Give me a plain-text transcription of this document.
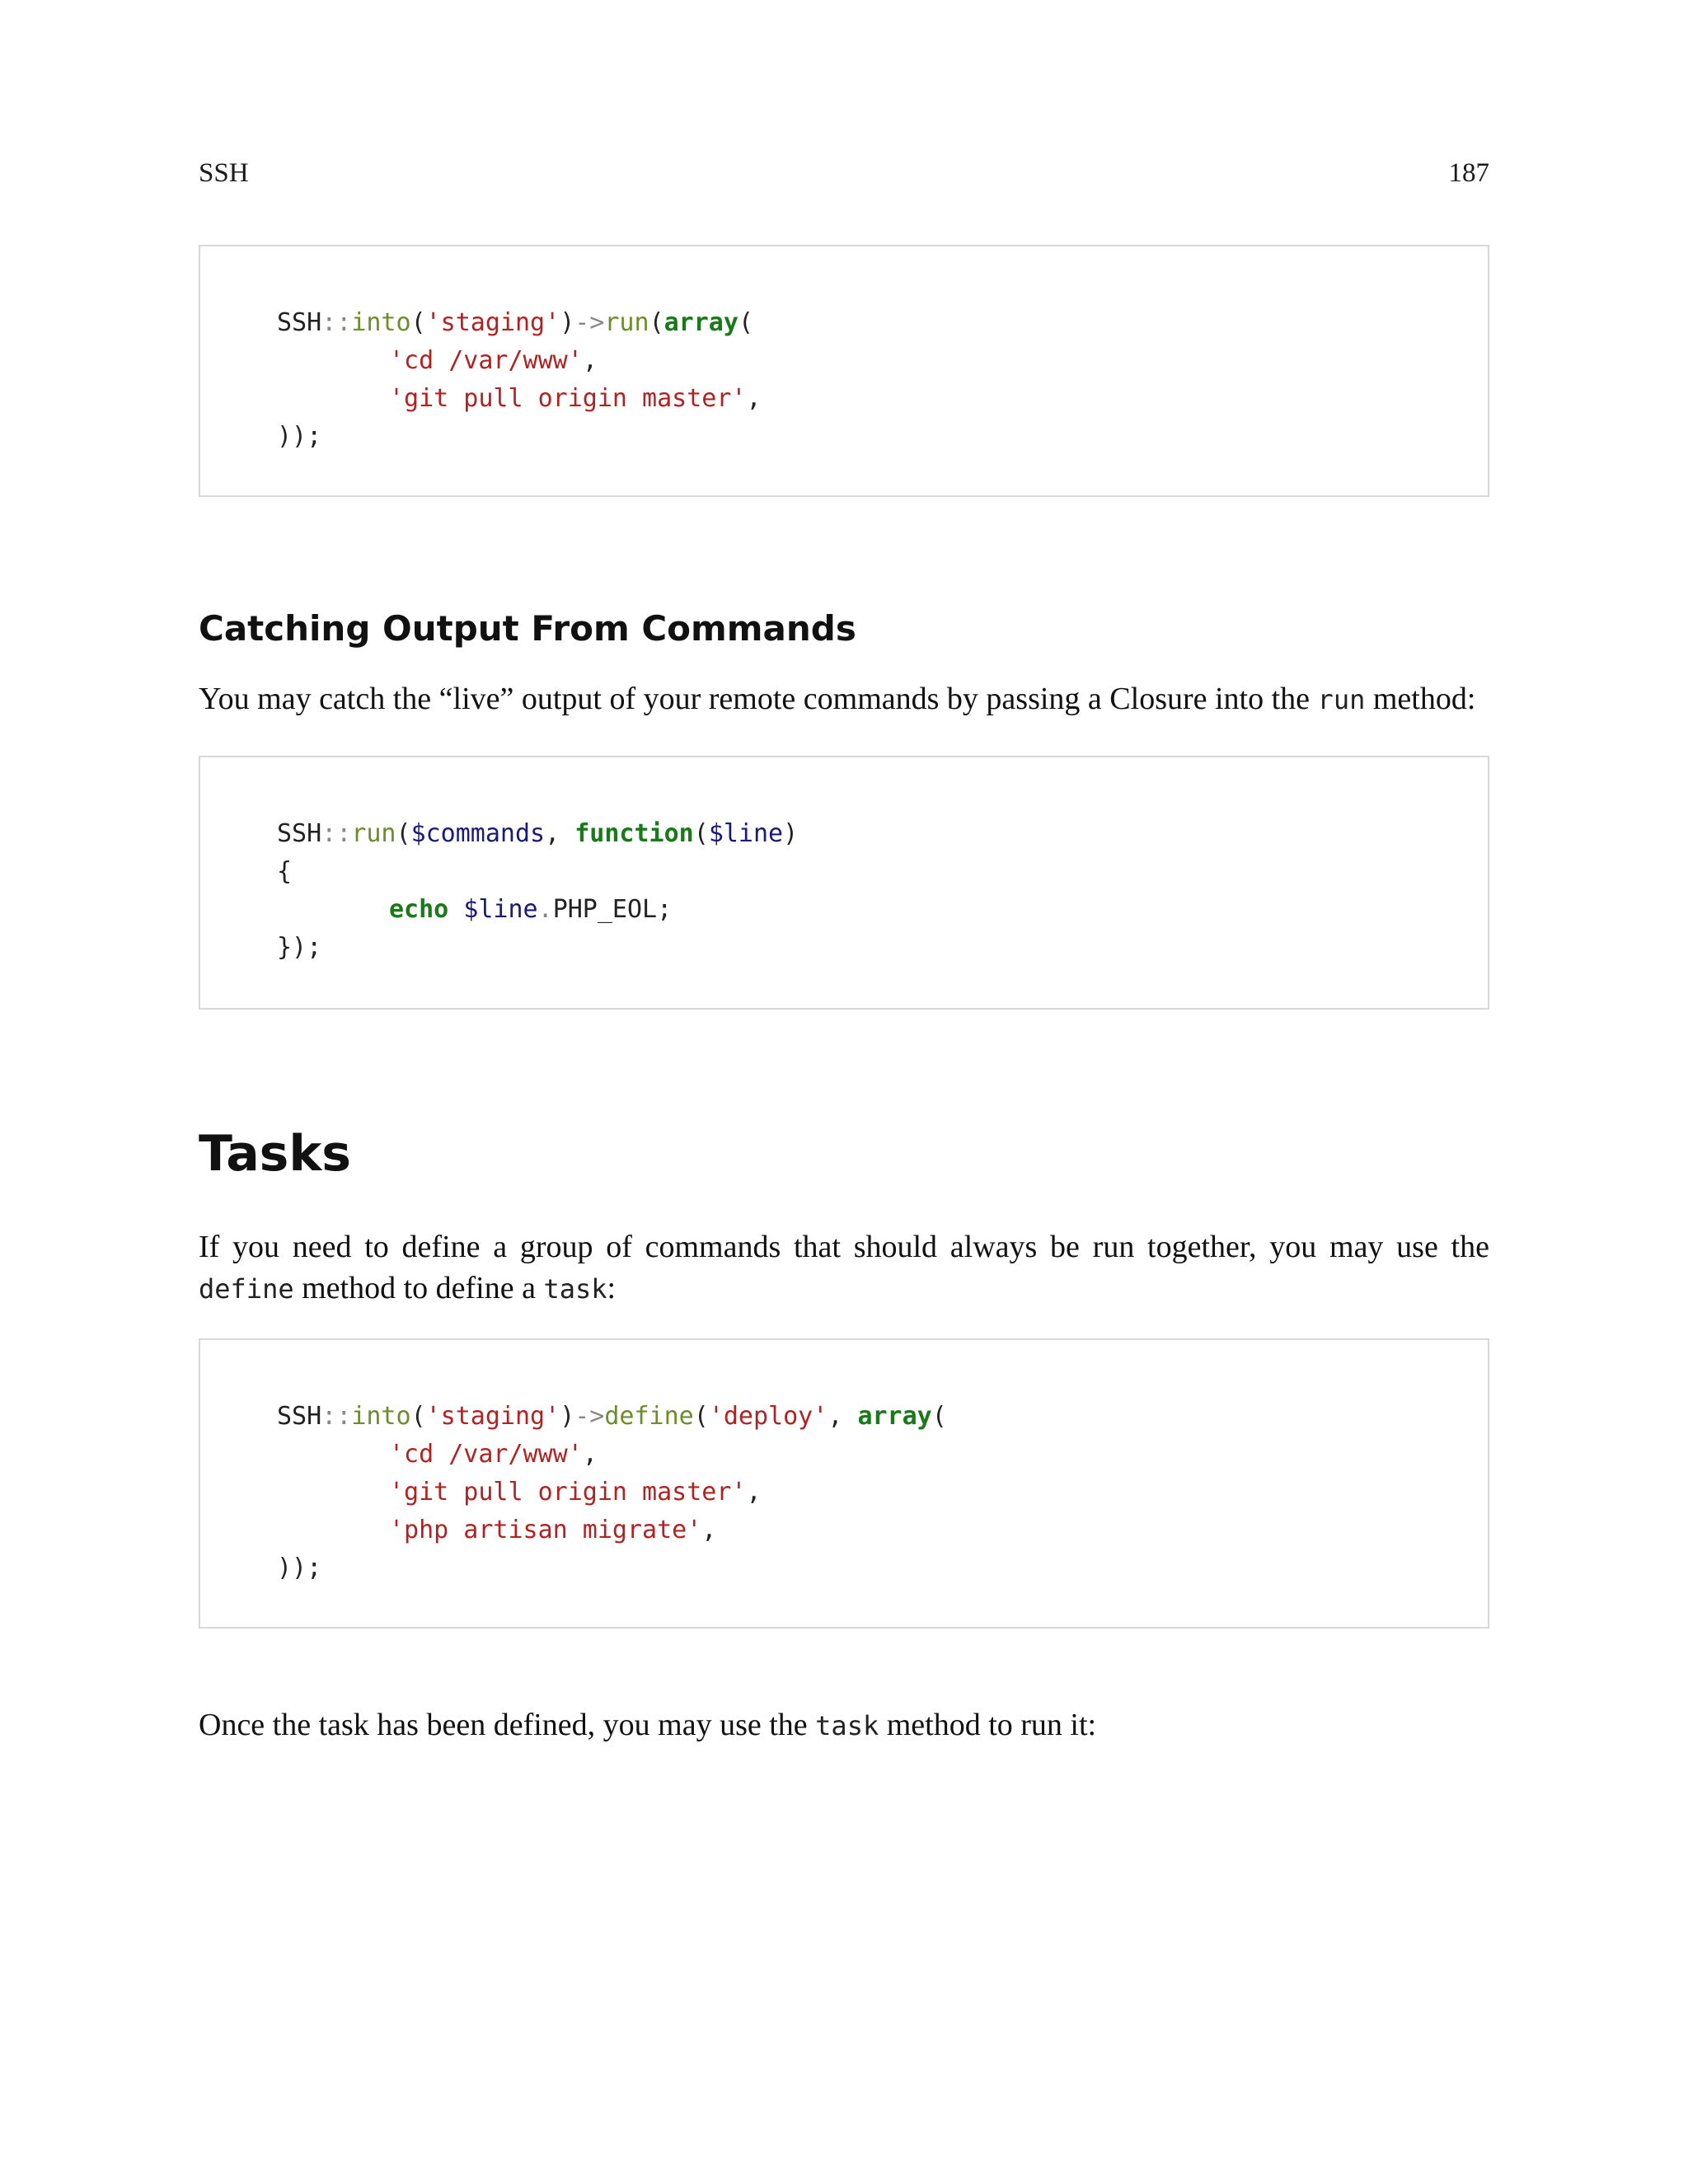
SSH	187
SSH::into('staging')->run(array(
'cd /var/www',
'git pull origin master',
));
Catching Output From Commands
You may catch the “live” output of your remote commands by passing a Closure into the run method:
SSH::run($commands, function($line)
{
echo $line.PHP_EOL;
});
Tasks
If you need to define a group of commands that should always be run together, you may use the define method to define a task:
SSH::into('staging')->define('deploy', array(
'cd /var/www',
'git pull origin master',
'php artisan migrate',
));
Once the task has been defined, you may use the task method to run it:
